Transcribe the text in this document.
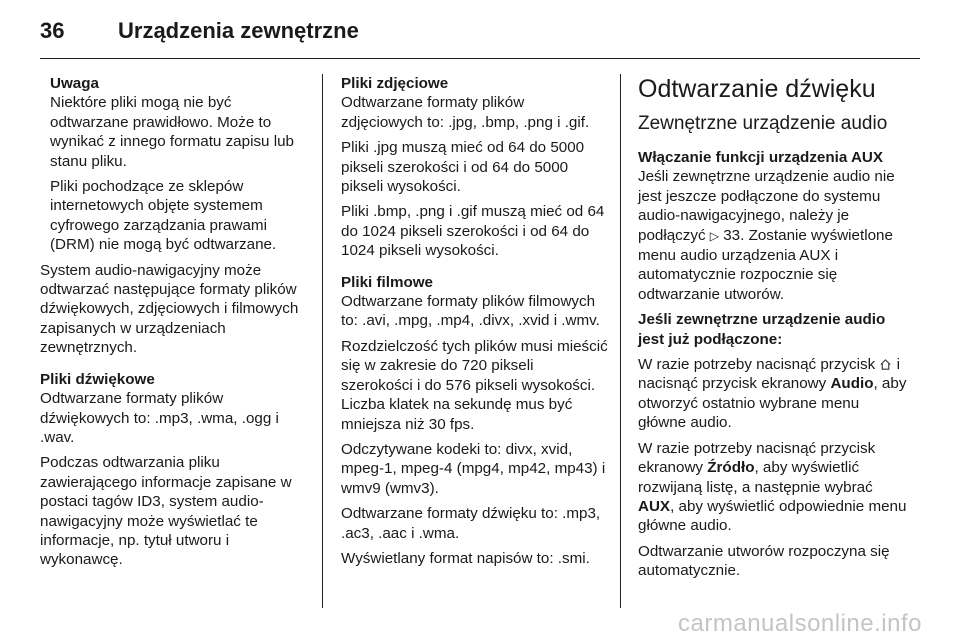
36	Urządzenia zewnętrzne

Uwaga

Niektóre pliki mogą nie być odtwarzane prawidłowo. Może to wynikać z innego formatu zapisu lub stanu pliku.

Pliki pochodzące ze sklepów internetowych objęte systemem cyfrowego zarządzania prawami (DRM) nie mogą być odtwarzane.

System audio-nawigacyjny może odtwarzać następujące formaty plików dźwiękowych, zdjęciowych i filmowych zapisanych w urządzeniach zewnętrznych.

Pliki dźwiękowe

Odtwarzane formaty plików dźwiękowych to: .mp3, .wma, .ogg i .wav.

Podczas odtwarzania pliku zawierającego informacje zapisane w postaci tagów ID3, system audio-nawigacyjny może wyświetlać te informacje, np. tytuł utworu i wykonawcę.

Pliki zdjęciowe

Odtwarzane formaty plików zdjęciowych to: .jpg, .bmp, .png i .gif.

Pliki .jpg muszą mieć od 64 do 5000 pikseli szerokości i od 64 do 5000 pikseli wysokości.

Pliki .bmp, .png i .gif muszą mieć od 64 do 1024 pikseli szerokości i od 64 do 1024 pikseli wysokości.

Pliki filmowe

Odtwarzane formaty plików filmowych to: .avi, .mpg, .mp4, .divx, .xvid i .wmv.

Rozdzielczość tych plików musi mieścić się w zakresie do 720 pikseli szerokości i do 576 pikseli wysokości. Liczba klatek na sekundę mus być mniejsza niż 30 fps.

Odczytywane kodeki to: divx, xvid, mpeg-1, mpeg-4 (mpg4, mp42, mp43) i wmv9 (wmv3).

Odtwarzane formaty dźwięku to: .mp3, .ac3, .aac i .wma.

Wyświetlany format napisów to: .smi.

Odtwarzanie dźwięku
Zewnętrzne urządzenie audio

Włączanie funkcji urządzenia AUX

Jeśli zewnętrzne urządzenie audio nie jest jeszcze podłączone do systemu audio-nawigacyjnego, należy je podłączyć ▷ 33. Zostanie wyświetlone menu audio urządzenia AUX i automatycznie rozpocznie się odtwarzanie utworów.

Jeśli zewnętrzne urządzenie audio jest już podłączone:

W razie potrzeby nacisnąć przycisk  i nacisnąć przycisk ekranowy Audio, aby otworzyć ostatnio wybrane menu główne audio.

W razie potrzeby nacisnąć przycisk ekranowy Źródło, aby wyświetlić rozwijaną listę, a następnie wybrać AUX, aby wyświetlić odpowiednie menu główne audio.

Odtwarzanie utworów rozpoczyna się automatycznie.

carmanualsonline.info
